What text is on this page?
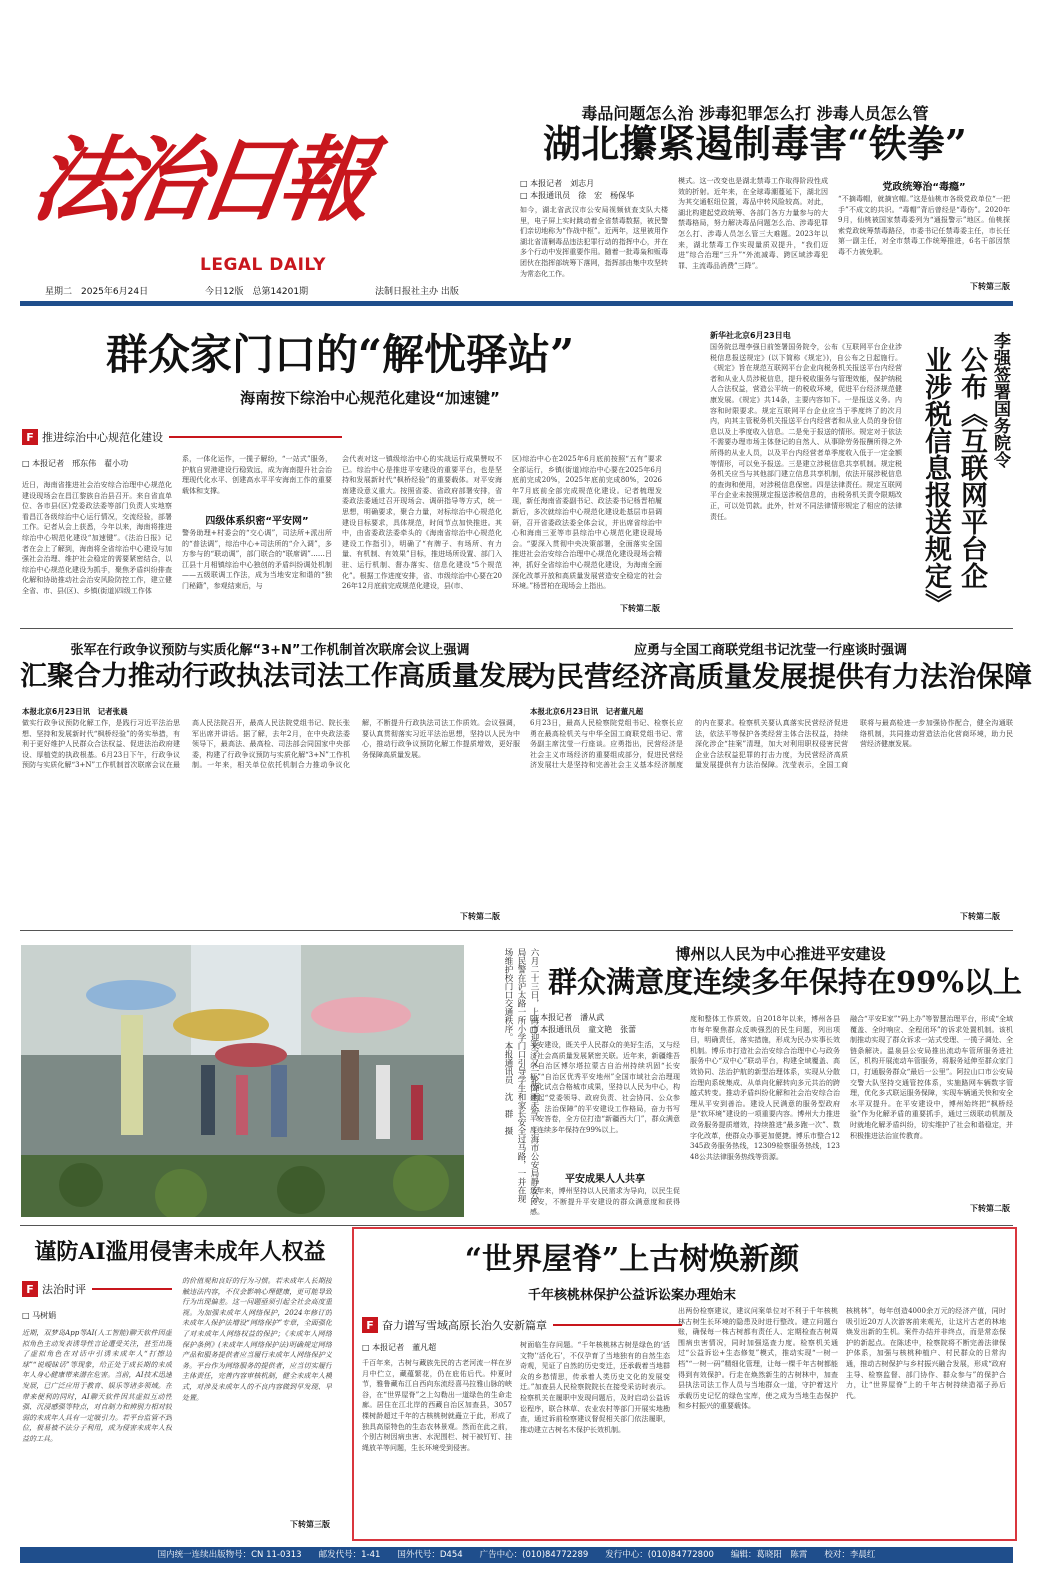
法治日報
LEGAL DAILY
星期二　2025年6月24日	今日12版　总第14201期	法制日报社主办 出版
毒品问题怎么治 涉毒犯罪怎么打 涉毒人员怎么管
湖北攥紧遏制毒害“铁拳”
□ 本报记者　刘志月
□ 本报通讯员　徐　宏　杨保华
如今，湖北省武汉市公安局视频侦查支队大楼里，电子屏上实时跳动着全省禁毒数据，被民警们亲切地称为“作战中枢”。近两年，这里被用作湖北省清剿毒品违法犯罪行动的指挥中心，并在多个行动中发挥重要作用。随着一批毒枭和贩毒团伙在指挥部统筹下落网，指挥部由集中攻坚转为常态化工作。
模式。这一改变也是湖北禁毒工作取得阶段性成效的折射。近年来，在全球毒潮蔓延下，湖北因为其交通枢纽位置，毒品中转风险较高。对此，湖北构建起党政统筹、各部门各方力量参与的大禁毒格局，努力解决毒品问题怎么治、涉毒犯罪怎么打、涉毒人员怎么管三大难题。2023年以来，湖北禁毒工作实现量质双提升，“我们迈进”综合治理“三升”“外流减毒、跨区域涉毒犯罪、主流毒品消费”三降”。
党政统筹治“毒瘾”
“不摘毒帽，就摘官帽。”这是仙桃市各级党政单位“一把手”不成文的共识。“毒帽”背后曾经是“毒伤”。2020年9月，仙桃被国家禁毒委列为“通报警示”地区。仙桃探索党政统筹禁毒路径，市委书记任禁毒委主任，市长任第一副主任，对全市禁毒工作统筹推进，6名干部因禁毒不力被免职。
下转第三版
群众家门口的“解忧驿站”
海南按下综治中心规范化建设“加速键”
F 推进综治中心规范化建设
□ 本报记者　邢东伟　翟小功
近日，海南省推进社会治安综合治理中心规范化建设现场会在昌江黎族自治县召开。来自省直单位、各市县(区)党委政法委等部门负责人实地察看昌江各级综治中心运行情况，交流经验，部署工作。记者从会上获悉，今年以来，海南将推进综治中心规范化建设“加速键”。《法治日报》记者在会上了解到，海南将全省综治中心建设与加强社会治理、维护社会稳定的需要紧密结合，以综治中心规范化建设为抓手，聚焦矛盾纠纷排查化解和协助推动社会治安风险防控工作，建立健全省、市、县(区)、乡镇(街道)四级工作体
系，一体化运作，一揽子解纷，“一站式”服务，护航自贸港建设行稳致远，成为海南提升社会治理现代化水平、创建高水平平安海南工作的重要载体和支撑。
四级体系织密“平安网”
警务助理+村委会的“交心调”，司法所+派出所的“普法调”，综治中心+司法所的“介入调”，多方参与的“联动调”，部门联合的“联席调”……吕江县十月相镇综治中心独创的矛盾纠纷调处机制——五级联调工作法，成为当地安定和谐的“独门秘籍”，参观结束后，与
会代表对这一镇级综治中心的实战运行成果赞叹不已。综治中心是推进平安建设的重要平台，也是坚持和发展新时代“枫桥经验”的重要载体。对平安海南建设意义重大。按照省委、省政府部署安排，省委政法委通过召开现场会、调研指导等方式，统一思想，明确要求，聚合力量，对标综治中心规范化建设目标要求，具体规范，时间节点加快推进。其中，由省委政法委牵头的《海南省综治中心规范化建设工作指引》，明确了“有牌子、有场所、有力量、有机制、有效果”目标，推进场所设置、部门入驻、运行机制、督办落实、信息化建设“5个规范化”。根据工作进度安排，省、市级综治中心要在2026年12月底前完成规范化建设，县(市、
区)综治中心在2025年6月底前按照“五有”要求全部运行，乡镇(街道)综治中心要在2025年6月底前完成20%，2025年底前完成80%，2026年7月底前全部完成规范化建设。记者梳理发现，新任海南省委副书记、政法委书记杨晋柏履新后，多次就综治中心规范化建设赴基层市县调研，召开省委政法委全体会议，并出席省综治中心和海南三亚等市县综治中心规范化建设现场会。“要深入贯彻中央决策部署，全面落实全国推进社会治安综合治理中心规范化建设现场会精神，抓好全省综治中心规范化建设，为海南全面深化改革开放和高质量发展营造安全稳定的社会环境。”杨晋柏在现场会上指出。
下转第二版
新华社北京6月23日电
国务院总理李强日前签署国务院令，公布《互联网平台企业涉税信息报送规定》(以下简称《规定》)，自公布之日起施行。《规定》旨在规范互联网平台企业向税务机关报送平台内经营者和从业人员涉税信息，提升税收服务与管理效能，保护纳税人合法权益，营造公平统一的税收环境，促进平台经济规范健康发展。《规定》共14条，主要内容如下。一是报送义务。内容和时限要求。规定互联网平台企业应当于季度终了的次月内，向其主管税务机关报送平台内经营者和从业人员的身份信息以及上季度收入信息。二是免于报送的情形。规定对于依法不需要办理市场主体登记的自然人、从事除劳务报酬所得之外所得的从业人员，以及平台内经营者单季度收入低于一定金额等情形，可以免予报送。三是建立涉税信息共享机制。规定税务机关应当与其他部门建立信息共享机制，依法开展涉税信息的查询和使用，对涉税信息保密。四是法律责任。规定互联网平台企业未按照规定报送涉税信息的，由税务机关责令限期改正，可以处罚款。此外，针对不同法律情形规定了相应的法律责任。
李强签署国务院令
公布《互联网平台企业涉税信息报送规定》
张军在行政争议预防与实质化解“3+N”工作机制首次联席会议上强调
汇聚合力推动行政执法司法工作高质量发展
本报北京6月23日讯　记者张晨
做实行政争议预防化解工作，是践行习近平法治思想、坚持和发展新时代“枫桥经验”的务实举措，有利于更好维护人民群众合法权益、促进法治政府建设、厚植党的执政根基。6月23日下午，行政争议预防与实质化解“3+N”工作机制首次联席会议在最高人民法院召开，最高人民法院党组书记、院长张军出席并讲话。据了解，去年2月，在中央政法委领导下，最高法、最高检、司法部会同国家中央部委，构建了行政争议预防与实质化解“3+N”工作机制。一年来，相关单位依托机制合力推动争议化解，不断提升行政执法司法工作质效。会议强调，要认真贯彻落实习近平法治思想，坚持以人民为中心，推动行政争议预防化解工作提质增效，更好服务保障高质量发展。
下转第二版
应勇与全国工商联党组书记沈莹一行座谈时强调
为民营经济高质量发展提供有力法治保障
本报北京6月23日讯　记者董凡超
6月23日，最高人民检察院党组书记、检察长应勇在最高检机关与中华全国工商联党组书记、常务副主席沈莹一行座谈。应勇指出，民营经济是社会主义市场经济的重要组成部分，促进民营经济发展壮大是坚持和完善社会主义基本经济制度的内在要求。检察机关要认真落实民营经济促进法，依法平等保护各类经营主体合法权益，持续深化涉企“挂案”清理，加大对利用职权侵害民营企业合法权益犯罪的打击力度，为民营经济高质量发展提供有力法治保障。沈莹表示，全国工商联将与最高检进一步加强协作配合，健全沟通联络机制，共同推动营造法治化营商环境，助力民营经济健康发展。
下转第二版
六月二十三日，上海市迎来了又一轮降雨天气。上海市公安局静安分局民警在沪太路一所小学门口引导学生和家长安全过马路，一并在现场维护校门口交通秩序。本报通讯员　沈　群　摄	博州以人民为中心推进平安建设
群众满意度连续多年保持在99%以上
□ 本报记者　潘从武
□ 本报通讯员　童文艳　张蕾
平安建设，既关乎人民群众的美好生活，又与经济社会高质量发展紧密关联。近年来，新疆维吾尔自治区博尔塔拉蒙古自治州持续巩固“长安杯”“自治区优秀平安地州”全国市域社会治理现代化试点合格城市成果，坚持以人民为中心，构建起“党委领导、政府负责、社会协同、公众参与、法治保障”的平安建设工作格局，奋力书写平安答卷，全方位打造“新疆西大门”，群众满意度连续多年保持在99%以上。
平安成果人人共享
近年来，博州坚持以人民需求为导向，以民生促民安，不断提升平安建设的群众满意度和获得感。
度和整体工作质效。自2018年以来，博州各县市每年聚焦群众反映强烈的民生问题，列出项目，明确责任，落实措施，形成为民办实事长效机制。博乐市打造社会治安综合治理中心与政务服务中心“双中心”联动平台，构建全域覆盖、高效协同、法治护航的新型治理体系，实现从分散治理向系统集成、从单向化解转向多元共治的跨越式转变。推动矛盾纠纷化解和社会治安综合治理从平安到善治。建设人民满意的服务型政府是“软环境”建设的一项重要内容。博州大力推进政务服务提质增效，持续推进“最多跑一次”、数字化改革，使群众办事更加便捷。博乐市整合12345政务服务热线，12309检察服务热线，12348公共法律服务热线等资源。
融合“平安E家”“码上办”等智慧治理平台，形成“全域覆盖、全时响应、全程闭环”的诉求处置机制。该机制推动实现了群众诉求一站式受理、一揽子调处、全链条解决。温泉县公安局推出流动车管所服务进社区，机构开展流动车管服务，将服务延伸至群众家门口，打通服务群众“最后一公里”。阿拉山口市公安局交警大队坚持交通管控体系，实施路网车辆数字管理，优化多式联运服务保障，实现车辆通关快和安全水平双提升。在平安建设中，博州始终把“枫桥经验”作为化解矛盾的重要抓手，通过三级联动机制及时就地化解矛盾纠纷，切实维护了社会和谐稳定，并积极推进法治宣传教育。
下转第二版
谨防AI滥用侵害未成年人权益
F 法治时评
□ 马树娟
近期，双梦岛App等AI(人工智能)聊天软件因虚拟角色主动发表诱导性言论遭受关注，甚至出现了虚拟角色在对话中引诱未成年人“打擦边球”“说暧昧话”等现象，给正处于成长期的未成年人身心健康带来潜在危害。当前，AI技术迅速发展，已广泛应用于教育、娱乐等诸多领域。在带来便利的同时，AI聊天软件因其虚拟互动性强、沉浸感强等特点，对自制力和辨别力相对较弱的未成年人具有一定吸引力。若平台监管不到位，极易被不法分子利用，成为侵害未成年人权益的工具。
的价值观和良好的行为习惯。若未成年人长期接触违法内容，不仅会影响心理健康，更可能导致行为出现偏差。这一问题亟须引起全社会高度重视。为加强未成年人网络保护，2024年修订的未成年人保护法增设“网络保护”专章，全面强化了对未成年人网络权益的保护；《未成年人网络保护条例》(未成年人网络保护法)明确规定网络产品和服务提供者应当履行未成年人网络保护义务。平台作为网络服务的提供者，应当切实履行主体责任，完善内容审核机制，健全未成年人模式，对涉及未成年人的不良内容做到早发现、早处置。
下转第三版
“世界屋脊”上古树焕新颜
千年核桃林保护公益诉讼案办理始末
F 奋力谱写雪域高原长治久安新篇章
□ 本报记者　董凡超
千百年来，古树与藏族先民的古老河流一样在岁月中伫立，藏蕴繁花，仍在庇佑后代。仲夏时节，雅鲁藏布江自西向东流经喜马拉雅山脉的峡谷，在“世界屋脊”之上勾勒出一道绿色的生命走廊。居住在江北岸的西藏自治区加查县，3057棵树龄超过千年的古核桃树就矗立于此，形成了独具高原特色的生态农林景观。然而在此之前，个别古树因病虫害、水泥围栏、树干被钉钉、挂绳放羊等问题，生长环境受到侵害。
树面临生存问题。“千年核桃林古树是绿色的‘活文物’‘活化石’，不仅孕育了当地独有的自然生态奇观，见证了自然的历史变迁，还承载着当地群众的乡愁情思，传承着人类历史文化的发展变迁。”加查县人民检察院院长在接受采访时表示。检察机关在履职中发现问题后，及时启动公益诉讼程序，联合林草、农业农村等部门开展实地勘查，通过诉前检察建议督促相关部门依法履职，推动建立古树名木保护长效机制。
出两份检察建议，建议问案单位对不利于千年核桃林古树生长环境的隐患及时进行整改。建立问题台账，确保每一株古树都有责任人、定期检查古树周围病虫害情况，同时加强巡查力度。检察机关通过“公益诉讼+生态修复”模式，推动实现“一树一档”“一树一码”精细化管理，让每一棵千年古树都能得到有效保护。行走在焕然新生的古树林中，加查县执法司法工作人员与当地群众一道，守护着这片承载历史记忆的绿色宝库，使之成为当地生态保护和乡村振兴的重要载体。
核桃林”，每年创造4000余万元的经济产值，同时吸引近20万人次游客前来观光，让这片古老的林地焕发出新的生机。案件办结并非终点，而是常态保护的新起点。在陈述中，检察院将不断完善法律保护体系，加强与核桃种植户、村民群众的日常沟通，推动古树保护与乡村振兴融合发展，形成“政府主导、检察监督、部门协作、群众参与”的保护合力，让“世界屋脊”上的千年古树持续造福子孙后代。
国内统一连续出版物号：CN 11-0313　　邮发代号：1-41　　国外代号：D454　　广告中心：(010)84772289　　发行中心：(010)84772800　　编辑：葛晓阳　陈霄　　校对：李晨红
